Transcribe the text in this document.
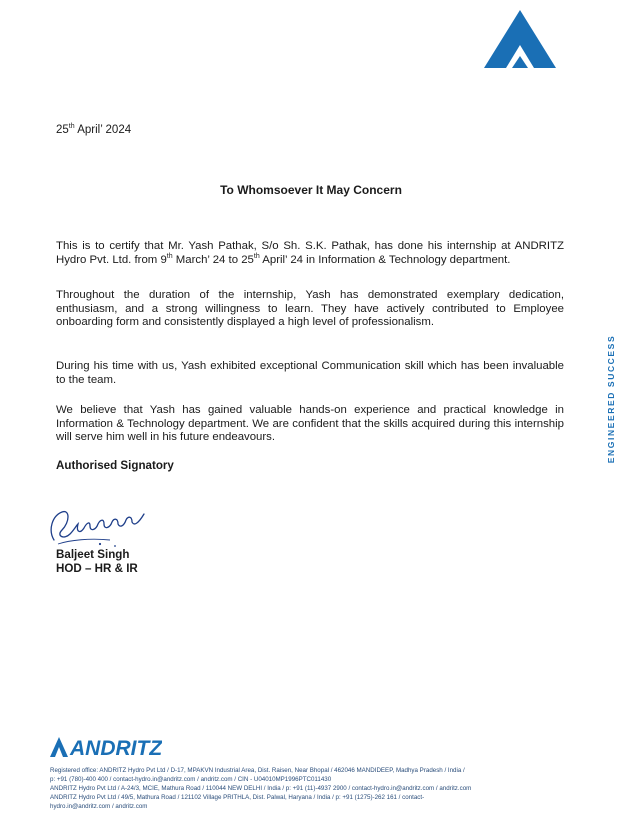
25th April’ 2024
To Whomsoever It May Concern
This is to certify that Mr. Yash Pathak, S/o Sh. S.K. Pathak, has done his internship at ANDRITZ Hydro Pvt. Ltd. from 9th March’ 24 to 25th April’ 24 in Information & Technology department.
Throughout the duration of the internship, Yash has demonstrated exemplary dedication, enthusiasm, and a strong willingness to learn. They have actively contributed to Employee onboarding form and consistently displayed a high level of professionalism.
During his time with us, Yash exhibited exceptional Communication skill which has been invaluable to the team.
We believe that Yash has gained valuable hands-on experience and practical knowledge in Information & Technology department. We are confident that the skills acquired during this internship will serve him well in his future endeavours.
Authorised Signatory
Baljeet Singh
HOD – HR & IR
ENGINEERED SUCCESS
ANDRITZ
Registered office: ANDRITZ Hydro Pvt Ltd / D-17, MPAKVN Industrial Area, Dist. Raisen, Near Bhopal / 462046 MANDIDEEP, Madhya Pradesh / India /
p: +91 (780)-400 400 / contact-hydro.in@andritz.com / andritz.com / CIN - U04010MP1996PTC011430
ANDRITZ Hydro Pvt Ltd / A-24/3, MCIE, Mathura Road / 110044 NEW DELHI / India / p: +91 (11)-4937 2900 / contact-hydro.in@andritz.com / andritz.com
ANDRITZ Hydro Pvt Ltd / 49/5, Mathura Road / 121102 Village PRITHLA, Dist. Palwal, Haryana / India / p: +91 (1275)-262 161 / contact-
hydro.in@andritz.com / andritz.com
